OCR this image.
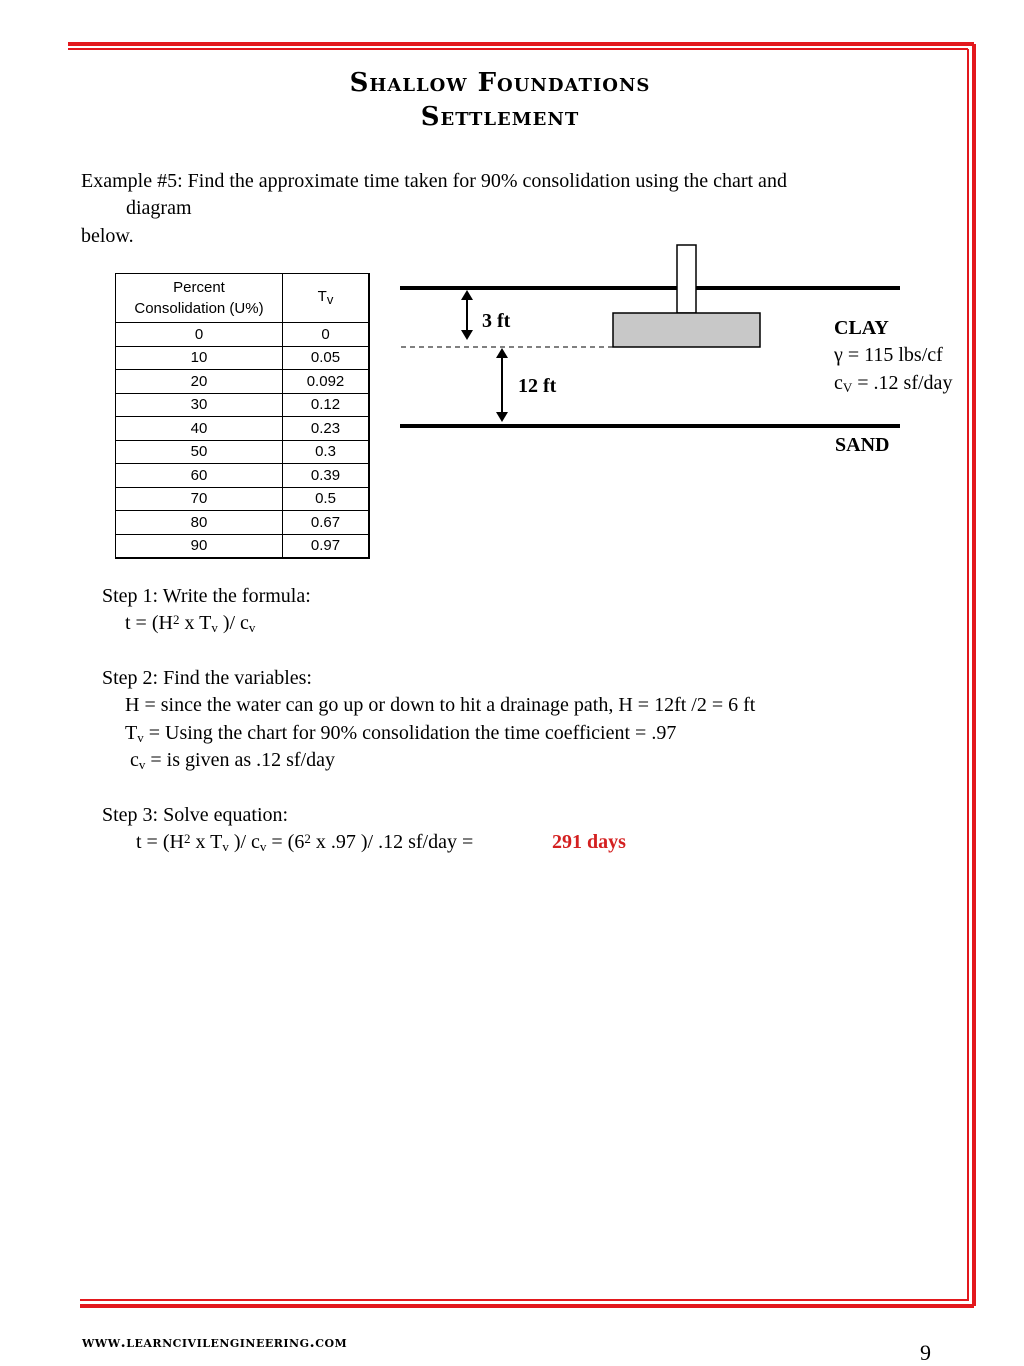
Shallow Foundations
Settlement
Example #5: Find the approximate time taken for 90% consolidation using the chart and
diagram
below.
Percent
Consolidation (U%)	Tv
0	0
10	0.05
20	0.092
30	0.12
40	0.23
50	0.3
60	0.39
70	0.5
80	0.67
90	0.97
3 ft
12 ft
CLAY
γ = 115 lbs/cf
$c_V = .12$ sf/day
SAND
Step 1: Write the formula:
$t = (H^2$ x $T_v$ )/ $c_v$
Step 2: Find the variables:
H = since the water can go up or down to hit a drainage path, H = 12ft /2 = 6 ft
$T_v = Using$ the chart for 90% consolidation the time coefficient = .97
$c_v$ = is given as .12 sf/day
Step 3: Solve equation:
$t = (H^2$ x $T_v$ )/ $c_v = (6^2$ x .97 )/ .12 sf/day =	291 days
www.learncivilengineering.com	9
